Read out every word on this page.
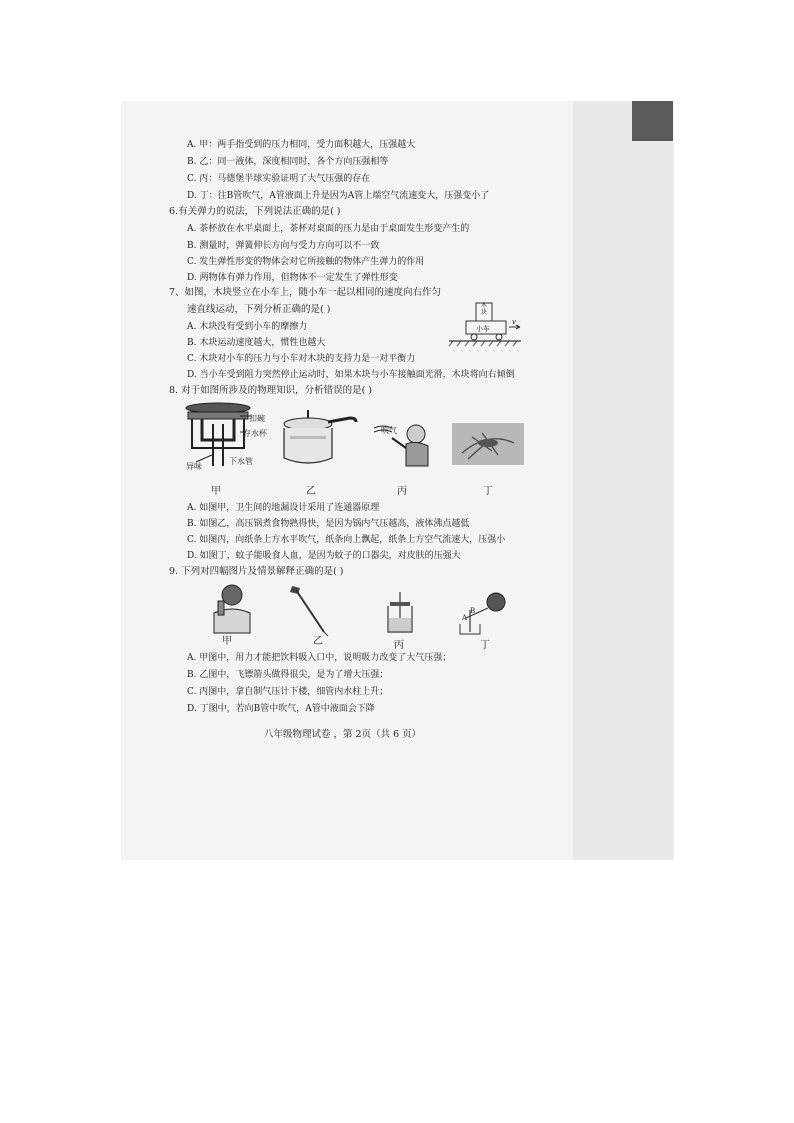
A. 甲：两手指受到的压力相同，受力面积越大，压强越大
B. 乙：同一液体，深度相同时，各个方向压强相等
C. 丙：马德堡半球实验证明了大气压强的存在
D. 丁：往B管吹气，A管液面上升是因为A管上端空气流速变大，压强变小了
6.有关弹力的说法，下列说法正确的是( )
A. 茶杯放在水平桌面上，茶杯对桌面的压力是由于桌面发生形变产生的
B. 测量时，弹簧伸长方向与受力方向可以不一致
C. 发生弹性形变的物体会对它所接触的物体产生弹力的作用
D. 两物体有弹力作用，但物体不一定发生了弹性形变
7、如图，木块竖立在小车上，随小车一起以相同的速度向右作匀
速直线运动，下列分析正确的是( )
A. 木块没有受到小车的摩擦力
B. 木块运动速度越大，惯性也越大
C. 木块对小车的压力与小车对木块的支持力是一对平衡力
D. 当小车受到阻力突然停止运动时，如果木块与小车接触面光滑，木块将向右倾倒
木块
小车
v
8. 对于如图所涉及的物理知识，分析错误的是( )
扣碗
存水杯
异味
下水管
吹气
甲	乙	丙	丁
A. 如图甲，卫生间的地漏设计采用了连通器原理
B. 如图乙，高压锅煮食物熟得快，是因为锅内气压越高，液体沸点越低
C. 如图丙，向纸条上方水平吹气，纸条向上飘起，纸条上方空气流速大，压强小
D. 如图丁，蚊子能吸食人血，是因为蚊子的口器尖，对皮肤的压强大
9. 下列对四幅图片及情景解释正确的是( )
A
B
甲	乙	丙	丁
A. 甲图中，用力才能把饮料吸入口中，说明吸力改变了大气压强；
B. 乙图中，飞镖箭头做得很尖，是为了增大压强；
C. 丙图中，拿自制气压计下楼，细管内水柱上升；
D. 丁图中，若向B管中吹气，A管中液面会下降
八年级物理试卷 ，第 2页（共 6 页）
